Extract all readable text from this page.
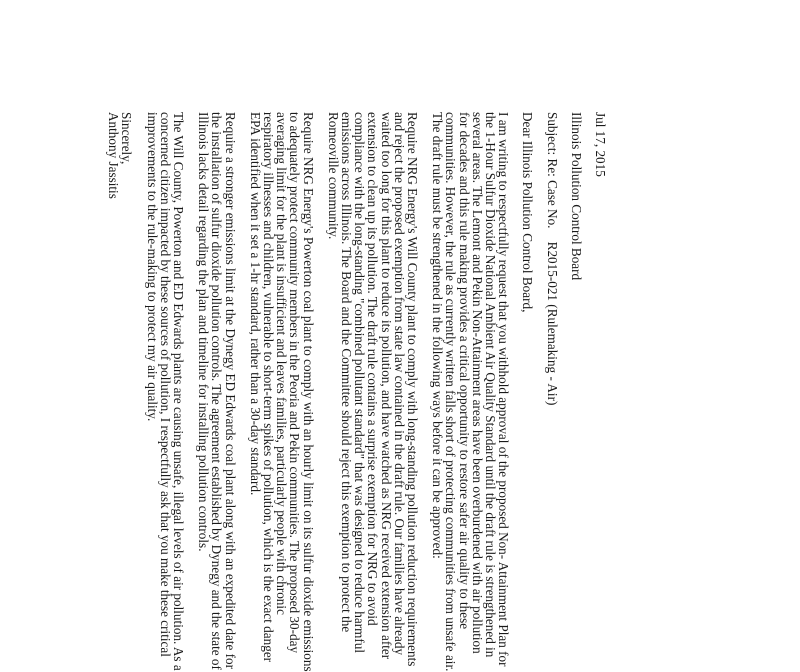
Jul 17, 2015

Illinois Pollution Control Board

Subject: Re: Case No.    R2015-021 (Rulemaking - Air)

Dear Illinois Pollution Control Board,

I am writing to respectfully request that you withhold approval of the proposed Non- Attainment Plan for the 1-Hour Sulfur Dioxide National Ambient Air Quality Standard until the draft rule is strengthened in several areas. The Lemont and Pekin Non-Attainment areas have been overburdened with air pollution for decades and this rule making provides a critical opportunity to restore safer air quality to these communities. However, the rule as currently written falls short of protecting communities from unsafe air. The draft rule must be strengthened in the following ways before it can be approved:

Require NRG Energy's Will County plant to comply with long-standing pollution reduction requirements and reject the proposed exemption from state law contained in the draft rule. Our families have already waited too long for this plant to reduce its pollution, and have watched as NRG received extension after extension to clean up its pollution. The draft rule contains a surprise exemption for NRG to avoid compliance with the long-standing "combined pollutant standard" that was designed to reduce harmful emissions across Illinois. The Board and the Committee should reject this exemption to protect the Romeoville community.

Require NRG Energy's Powerton coal plant to comply with an hourly limit on its sulfur dioxide emissions to adequately protect community members in the Peoria and Pekin communities. The proposed 30-day averaging limit for the plant is insufficient and leaves families, particularly people with chronic respiratory illnesses and children, vulnerable to short-term spikes of pollution, which is the exact danger EPA identified when it set a 1-hr standard, rather than a 30-day standard.

Require a stronger emissions limit at the Dynegy ED Edwards coal plant along with an expedited date for the installation of sulfur dioxide pollution controls. The agreement established by Dynegy and the state of Illinois lacks detail regarding the plan and timeline for installing pollution controls.

The Will County, Powerton and ED Edwards plants are causing unsafe, illegal levels of air pollution. As a concerned citizen impacted by these sources of pollution, I respectfully ask that you make these critical improvements to the rule-making to protect my air quality.

Sincerely,

Anthony Jassitis
